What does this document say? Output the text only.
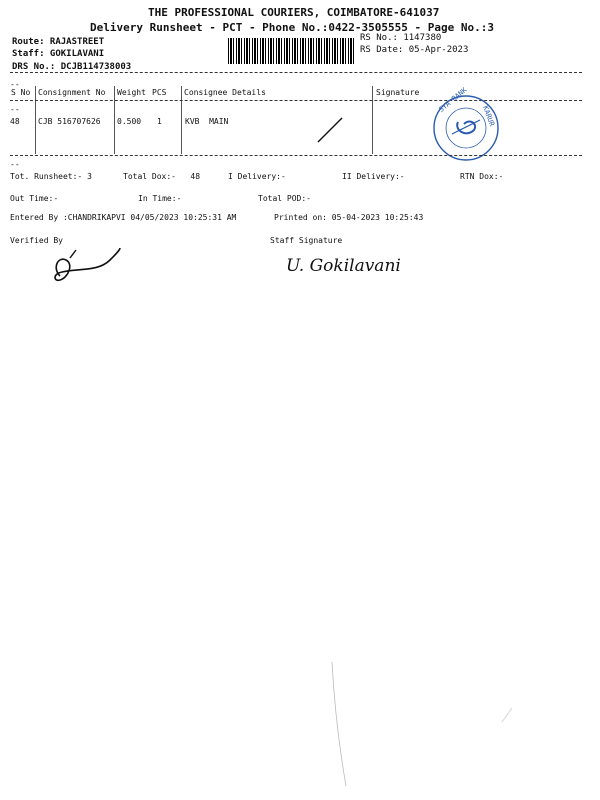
THE PROFESSIONAL COURIERS, COIMBATORE-641037
Delivery Runsheet - PCT - Phone No.:0422-3505555 - Page No.:3
Route: RAJASTREET
Staff: GOKILAVANI
DRS No.: DCJB114738003
RS No.: 1147380
RS Date: 05-Apr-2023
--
S No Consignment No Weight PCS Consignee Details	Signature
--
48 CJB 516707626 0.500 1	KVB  MAIN
SYA BANK
KARUR
--
Tot. Runsheet:- 3	Total Dox:-   48	I Delivery:-	II Delivery:-	RTN Dox:-
Out Time:-	In Time:-	Total POD:-
Entered By :CHANDRIKAPVI 04/05/2023 10:25:31 AM	Printed on: 05-04-2023 10:25:43
Verified By	Staff Signature
U. Gokilavani
